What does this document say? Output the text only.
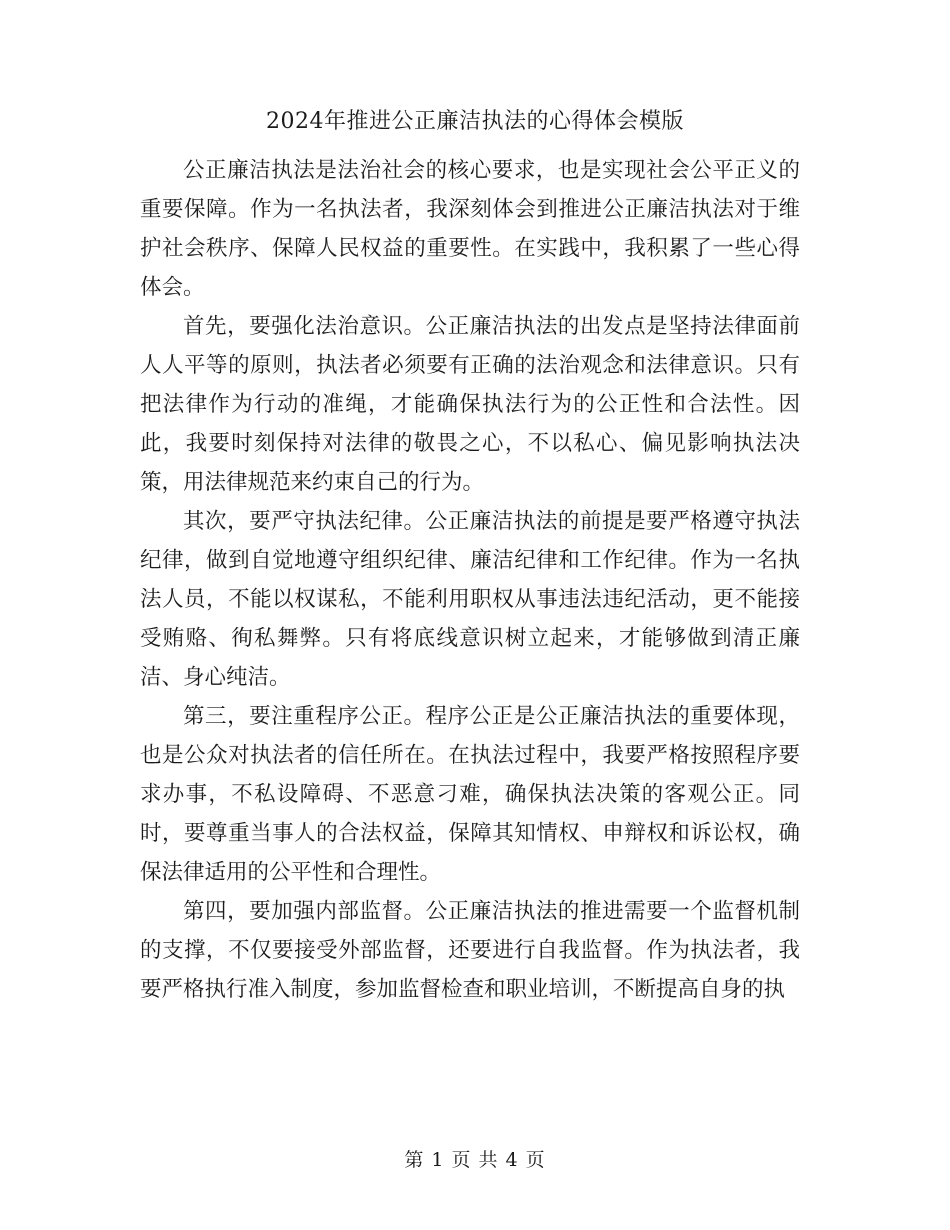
2024年推进公正廉洁执法的心得体会模版

公正廉洁执法是法治社会的核心要求，也是实现社会公平正义的重要保障。作为一名执法者，我深刻体会到推进公正廉洁执法对于维护社会秩序、保障人民权益的重要性。在实践中，我积累了一些心得体会。

首先，要强化法治意识。公正廉洁执法的出发点是坚持法律面前人人平等的原则，执法者必须要有正确的法治观念和法律意识。只有把法律作为行动的准绳，才能确保执法行为的公正性和合法性。因此，我要时刻保持对法律的敬畏之心，不以私心、偏见影响执法决策，用法律规范来约束自己的行为。

其次，要严守执法纪律。公正廉洁执法的前提是要严格遵守执法纪律，做到自觉地遵守组织纪律、廉洁纪律和工作纪律。作为一名执法人员，不能以权谋私，不能利用职权从事违法违纪活动，更不能接受贿赂、徇私舞弊。只有将底线意识树立起来，才能够做到清正廉洁、身心纯洁。

第三，要注重程序公正。程序公正是公正廉洁执法的重要体现，也是公众对执法者的信任所在。在执法过程中，我要严格按照程序要求办事，不私设障碍、不恶意刁难，确保执法决策的客观公正。同时，要尊重当事人的合法权益，保障其知情权、申辩权和诉讼权，确保法律适用的公平性和合理性。

第四，要加强内部监督。公正廉洁执法的推进需要一个监督机制的支撑，不仅要接受外部监督，还要进行自我监督。作为执法者，我要严格执行准入制度，参加监督检查和职业培训，不断提高自身的执

第 1 页 共 4 页
